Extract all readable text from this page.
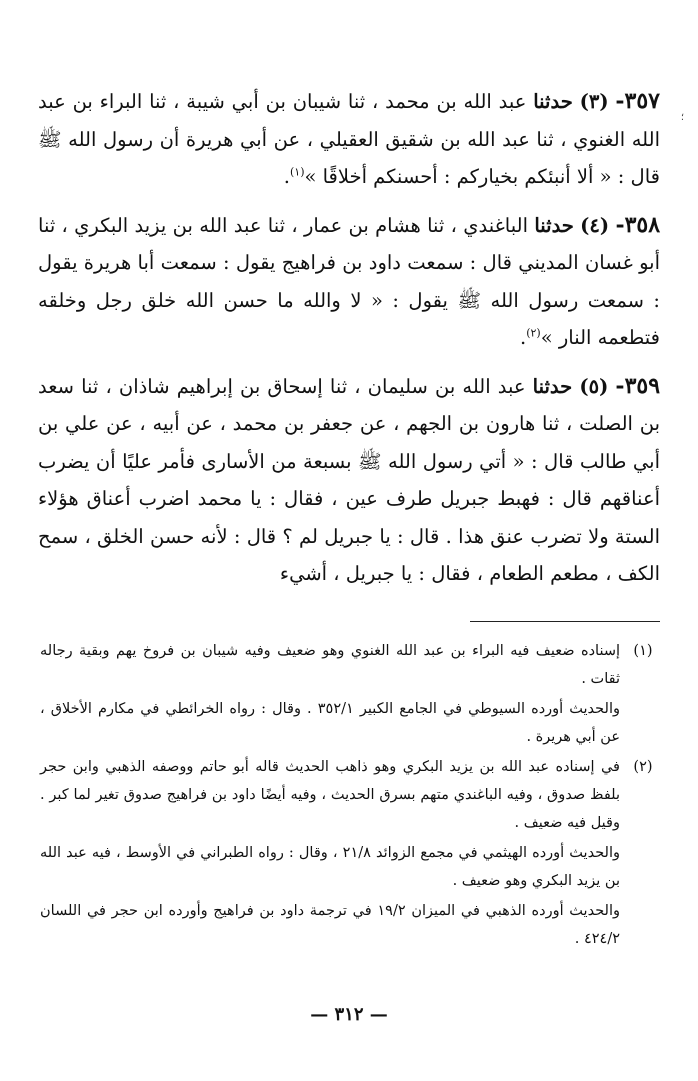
؛

٣٥٧- (٣) حدثنا عبد الله بن محمد ، ثنا شيبان بن أبي شيبة ، ثنا البراء بن عبد الله الغنوي ، ثنا عبد الله بن شقيق العقيلي ، عن أبي هريرة أن رسول الله ﷺ قال : « ألا أنبئكم بخياركم : أحسنكم أخلاقًا »$^{(١)}$.

٣٥٨- (٤) حدثنا الباغندي ، ثنا هشام بن عمار ، ثنا عبد الله بن يزيد البكري ، ثنا أبو غسان المديني قال : سمعت داود بن فراهيج يقول : سمعت أبا هريرة يقول : سمعت رسول الله ﷺ يقول : « لا والله ما حسن الله خلق رجل وخلقه فتطعمه النار »$^{(٢)}$.

٣٥٩- (٥) حدثنا عبد الله بن سليمان ، ثنا إسحاق بن إبراهيم شاذان ، ثنا سعد بن الصلت ، ثنا هارون بن الجهم ، عن جعفر بن محمد ، عن أبيه ، عن علي بن أبي طالب قال : « أتي رسول الله ﷺ بسبعة من الأسارى فأمر عليًا أن يضرب أعناقهم قال : فهبط جبريل طرف عين ، فقال : يا محمد اضرب أعناق هؤلاء الستة ولا تضرب عنق هذا . قال : يا جبريل لم ؟ قال : لأنه حسن الخلق ، سمح الكف ، مطعم الطعام ، فقال : يا جبريل ، أشيء

(١)

إسناده ضعيف فيه البراء بن عبد الله الغنوي وهو ضعيف وفيه شيبان بن فروخ يهم وبقية رجاله ثقات .

والحديث أورده السيوطي في الجامع الكبير ٣٥٢/١ . وقال : رواه الخرائطي في مكارم الأخلاق ، عن أبي هريرة .

(٢)

في إسناده عبد الله بن يزيد البكري وهو ذاهب الحديث قاله أبو حاتم ووصفه الذهبي وابن حجر بلفظ صدوق ، وفيه الباغندي متهم بسرق الحديث ، وفيه أيضًا داود بن فراهيج صدوق تغير لما كبر . وقيل فيه ضعيف .

والحديث أورده الهيثمي في مجمع الزوائد ٢١/٨ ، وقال : رواه الطبراني في الأوسط ، فيه عبد الله بن يزيد البكري وهو ضعيف .

والحديث أورده الذهبي في الميزان ١٩/٢ في ترجمة داود بن فراهيج وأورده ابن حجر في اللسان ٤٢٤/٢ .

— ٣١٢ —
